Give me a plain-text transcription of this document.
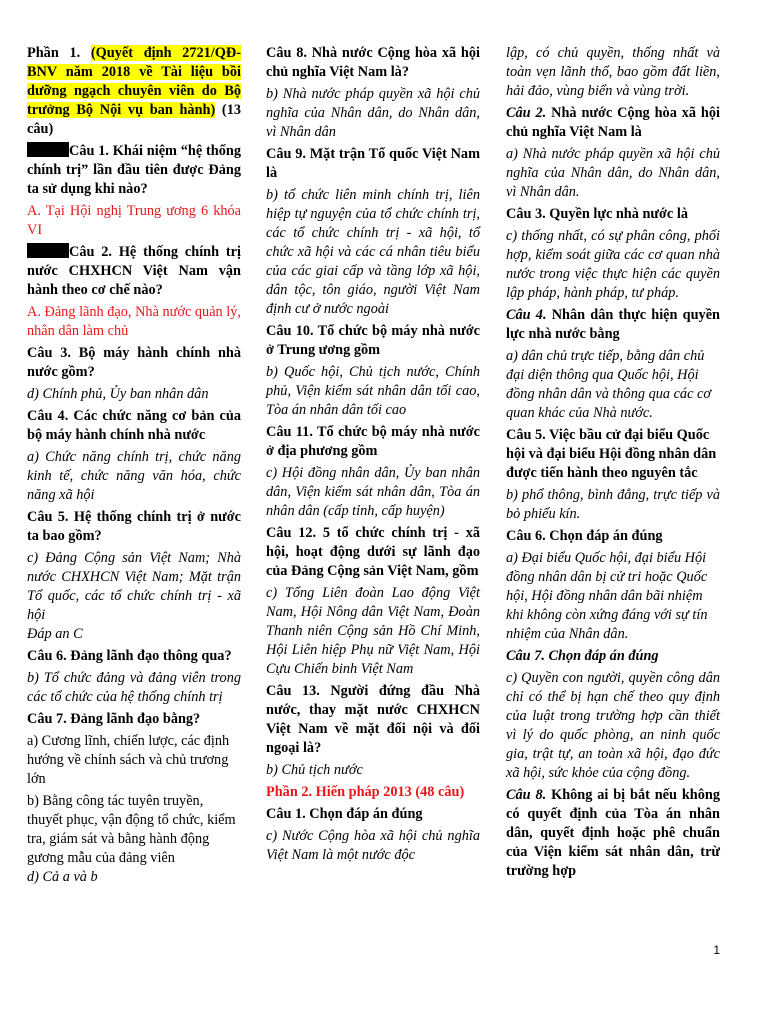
Phần 1. (Quyết định 2721/QĐ-BNV năm 2018 về Tài liệu bồi dưỡng ngạch chuyên viên do Bộ trưởng Bộ Nội vụ ban hành) (13 câu)

Câu 1. Khái niệm “hệ thống chính trị” lần đầu tiên được Đảng ta sử dụng khi nào?

A. Tại Hội nghị Trung ương 6 khóa VI

Câu 2. Hệ thống chính trị nước CHXHCN Việt Nam vận hành theo cơ chế nào?

A. Đảng lãnh đạo, Nhà nước quản lý, nhân dân làm chủ

Câu 3. Bộ máy hành chính nhà nước gồm?

d) Chính phủ, Ủy ban nhân dân

Câu 4. Các chức năng cơ bản của bộ máy hành chính nhà nước

a) Chức năng chính trị, chức năng kinh tế, chức năng văn hóa, chức năng xã hội

Câu 5. Hệ thống chính trị ở nước ta bao gồm?

c) Đảng Cộng sản Việt Nam; Nhà nước CHXHCN Việt Nam; Mặt trận Tổ quốc, các tổ chức chính trị - xã hội

Đáp an C

Câu 6. Đảng lãnh đạo thông qua?

b) Tổ chức đảng và đảng viên trong các tổ chức của hệ thống chính trị

Câu 7. Đảng lãnh đạo bằng?

a) Cương lĩnh, chiến lược, các định hướng về chính sách và chủ trương lớn

b) Bằng công tác tuyên truyền, thuyết phục, vận động tổ chức, kiểm tra, giám sát và bằng hành động gương mẫu của đảng viên

d) Cả a và b

Câu 8. Nhà nước Cộng hòa xã hội chủ nghĩa Việt Nam là?

b) Nhà nước pháp quyền xã hội chủ nghĩa của Nhân dân, do Nhân dân, vì Nhân dân

Câu 9. Mặt trận Tổ quốc Việt Nam là

b) tổ chức liên minh chính trị, liên hiệp tự nguyện của tổ chức chính trị, các tổ chức chính trị - xã hội, tổ chức xã hội và các cá nhân tiêu biểu của các giai cấp và tầng lớp xã hội, dân tộc, tôn giáo, người Việt Nam định cư ở nước ngoài

Câu 10. Tổ chức bộ máy nhà nước ở Trung ương gồm

b) Quốc hội, Chủ tịch nước, Chính phủ, Viện kiểm sát nhân dân tối cao, Tòa án nhân dân tối cao

Câu 11. Tổ chức bộ máy nhà nước ở địa phương gồm

c) Hội đồng nhân dân, Ủy ban nhân dân, Viện kiểm sát nhân dân, Tòa án nhân dân (cấp tỉnh, cấp huyện)

Câu 12. 5 tổ chức chính trị - xã hội, hoạt động dưới sự lãnh đạo của Đảng Cộng sản Việt Nam, gồm

c) Tổng Liên đoàn Lao động Việt Nam, Hội Nông dân Việt Nam, Đoàn Thanh niên Cộng sản Hồ Chí Minh, Hội Liên hiệp Phụ nữ Việt Nam, Hội Cựu Chiến binh Việt Nam

Câu 13. Người đứng đầu Nhà nước, thay mặt nước CHXHCN Việt Nam về mặt đối nội và đối ngoại là?

b) Chủ tịch nước

Phần 2. Hiến pháp 2013 (48 câu)

Câu 1. Chọn đáp án đúng

c) Nước Cộng hòa xã hội chủ nghĩa Việt Nam là một nước độc

lập, có chủ quyền, thống nhất và toàn vẹn lãnh thổ, bao gồm đất liền, hải đảo, vùng biển và vùng trời.

Câu 2. Nhà nước Cộng hòa xã hội chủ nghĩa Việt Nam là

a) Nhà nước pháp quyền xã hội chủ nghĩa của Nhân dân, do Nhân dân, vì Nhân dân.

Câu 3. Quyền lực nhà nước là

c) thống nhất, có sự phân công, phối hợp, kiểm soát giữa các cơ quan nhà nước trong việc thực hiện các quyền lập pháp, hành pháp, tư pháp.

Câu 4. Nhân dân thực hiện quyền lực nhà nước bằng

a) dân chủ trực tiếp, bằng dân chủ đại diện thông qua Quốc hội, Hội đồng nhân dân và thông qua các cơ quan khác của Nhà nước.

Câu 5. Việc bầu cử đại biểu Quốc hội và đại biểu Hội đồng nhân dân được tiến hành theo nguyên tắc

b) phổ thông, bình đẳng, trực tiếp và bỏ phiếu kín.

Câu 6. Chọn đáp án đúng

a) Đại biểu Quốc hội, đại biểu Hội đồng nhân dân bị cử tri hoặc Quốc hội, Hội đồng nhân dân bãi nhiệm khi không còn xứng đáng với sự tín nhiệm của Nhân dân.

Câu 7. Chọn đáp án đúng

c) Quyền con người, quyền công dân chỉ có thể bị hạn chế theo quy định của luật trong trường hợp cần thiết vì lý do quốc phòng, an ninh quốc gia, trật tự, an toàn xã hội, đạo đức xã hội, sức khỏe của cộng đồng.

Câu 8. Không ai bị bắt nếu không có quyết định của Tòa án nhân dân, quyết định hoặc phê chuẩn của Viện kiểm sát nhân dân, trừ trường hợp

1
